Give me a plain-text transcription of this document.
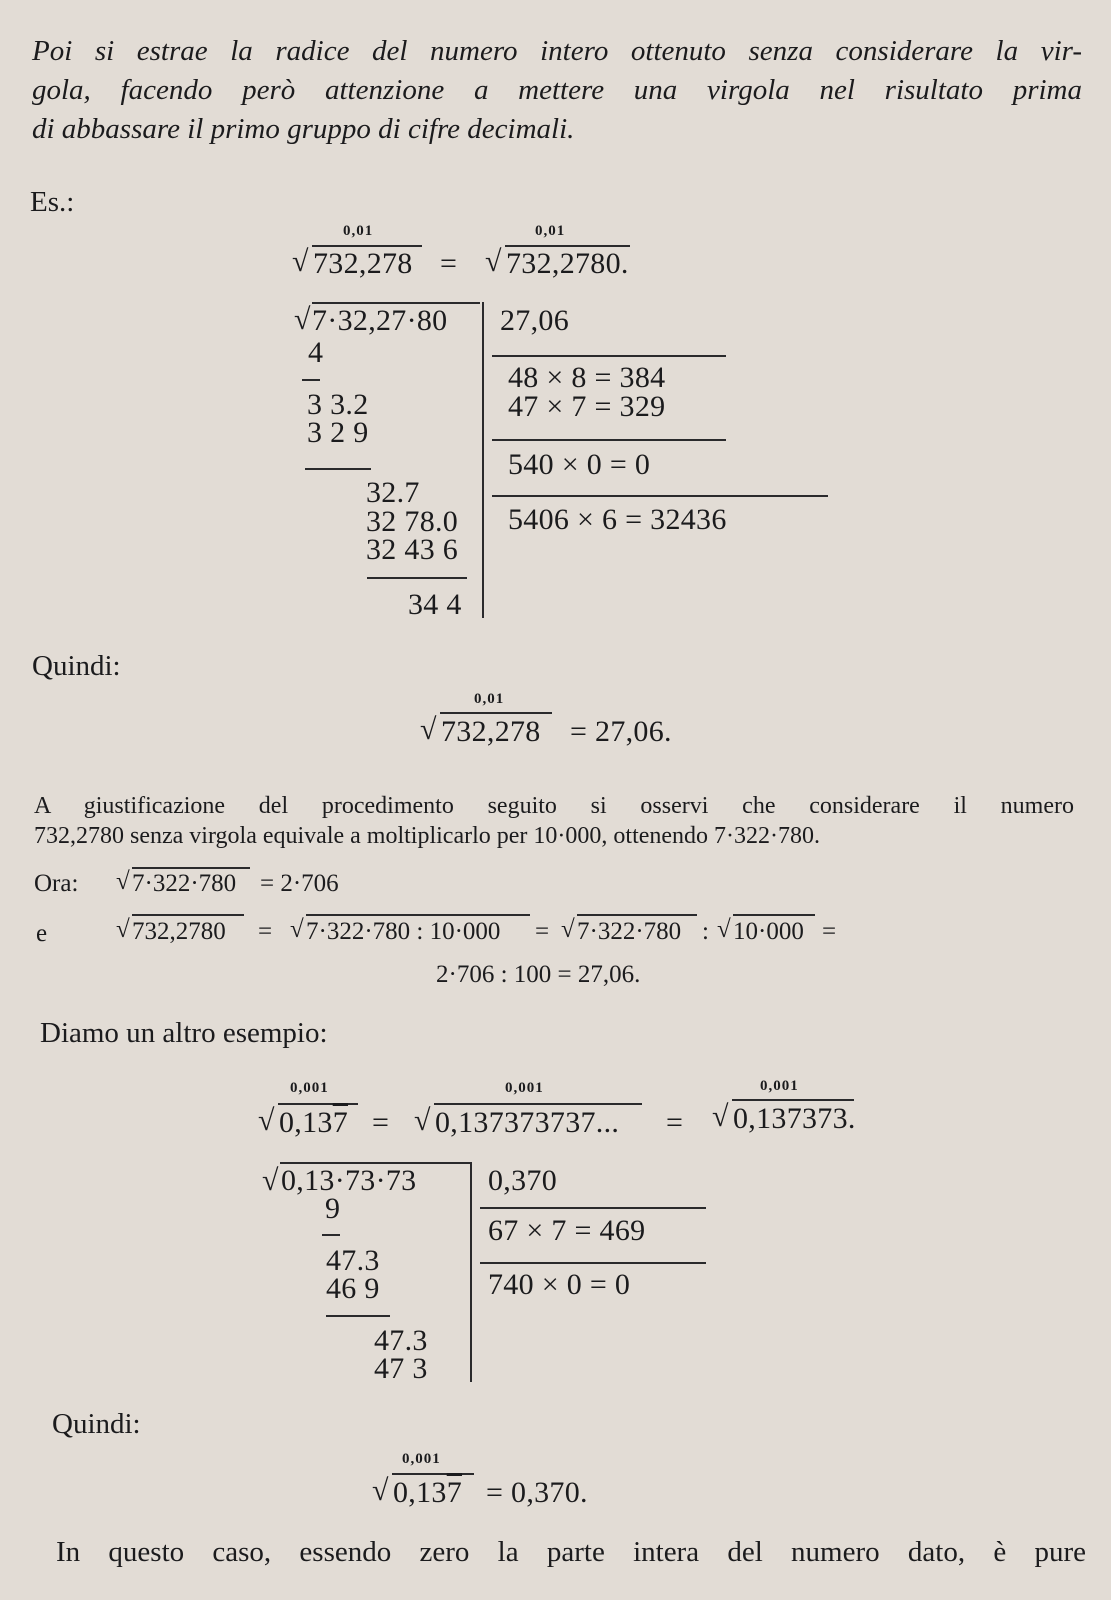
Poi si estrae la radice del numero intero ottenuto senza considerare la vir-
gola, facendo però attenzione a mettere una virgola nel risultato prima
di abbassare il primo gruppo di cifre decimali.
Es.:
0,01
√ 732,278 =
0,01
√ 732,2780.
√ 7·32,27·80 27,06
4
3 3.2
3 2 9
32.7
32 78.0
32 43 6
34 4
48 × 8 = 384
47 × 7 = 329
540 × 0 = 0
5406 × 6 = 32436
Quindi:
0,01
√ 732,278 = 27,06.
A giustificazione del procedimento seguito si osservi che considerare il numero
732,2780 senza virgola equivale a moltiplicarlo per 10·000, ottenendo 7·322·780.
Ora: √ 7·322·780 = 2·706
e	√ 732,2780 = √ 7·322·780 : 10·000 = √ 7·322·780 : √ 10·000 =
2·706 : 100 = 27,06.
Diamo un altro esempio:
0,001
√ 0,137 =
0,001
√ 0,137373737... =
0,001
√ 0,137373.
√ 0,13·73·73 0,370
9
47.3
46 9
47.3
47 3
67 × 7 = 469
740 × 0 = 0
Quindi:
0,001
√ 0,137 = 0,370.
In questo caso, essendo zero la parte intera del numero dato, è pure
